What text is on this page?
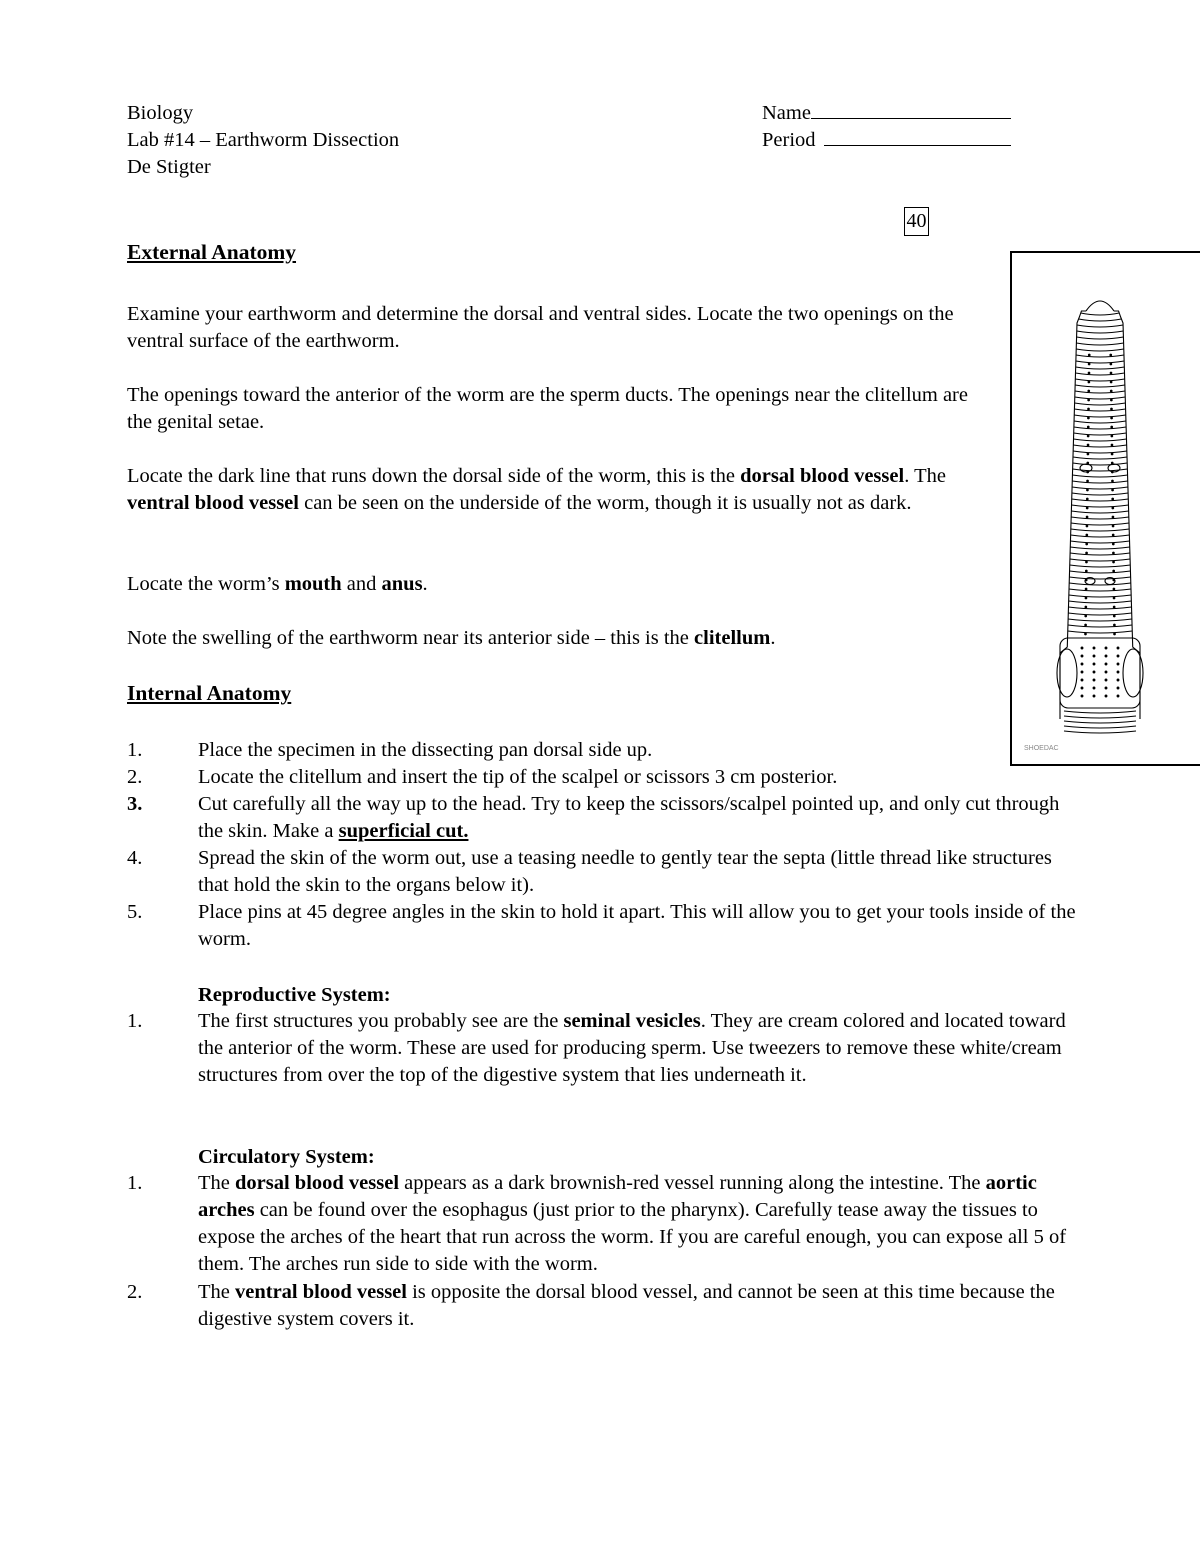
Biology
Lab #14 – Earthworm Dissection
De Stigter
Name
Period
40
External Anatomy
Examine your earthworm and determine the dorsal and ventral sides. Locate the two openings on the ventral surface of the earthworm.
The openings toward the anterior of the worm are the sperm ducts. The openings near the clitellum are the genital setae.
Locate the dark line that runs down the dorsal side of the worm, this is the dorsal blood vessel. The ventral blood vessel can be seen on the underside of the worm, though it is usually not as dark.
Locate the worm’s mouth and anus.
Note the swelling of the earthworm near its anterior side – this is the clitellum.
Internal Anatomy
1.	Place the specimen in the dissecting pan dorsal side up.
2.	Locate the clitellum and insert the tip of the scalpel or scissors 3 cm posterior.
3.	Cut carefully all the way up to the head. Try to keep the scissors/scalpel pointed up, and only cut through the skin. Make a superficial cut.
4.	Spread the skin of the worm out, use a teasing needle to gently tear the septa (little thread like structures that hold the skin to the organs below it).
5.	Place pins at 45 degree angles in the skin to hold it apart. This will allow you to get your tools inside of the worm.
Reproductive System:
1.	The first structures you probably see are the seminal vesicles. They are cream colored and located toward the anterior of the worm. These are used for producing sperm. Use tweezers to remove these white/cream structures from over the top of the digestive system that lies underneath it.
Circulatory System:
1.	The dorsal blood vessel appears as a dark brownish-red vessel running along the intestine. The aortic arches can be found over the esophagus (just prior to the pharynx). Carefully tease away the tissues to expose the arches of the heart that run across the worm. If you are careful enough, you can expose all 5 of them. The arches run side to side with the worm.
2.	The ventral blood vessel is opposite the dorsal blood vessel, and cannot be seen at this time because the digestive system covers it.
SHOEDAC
